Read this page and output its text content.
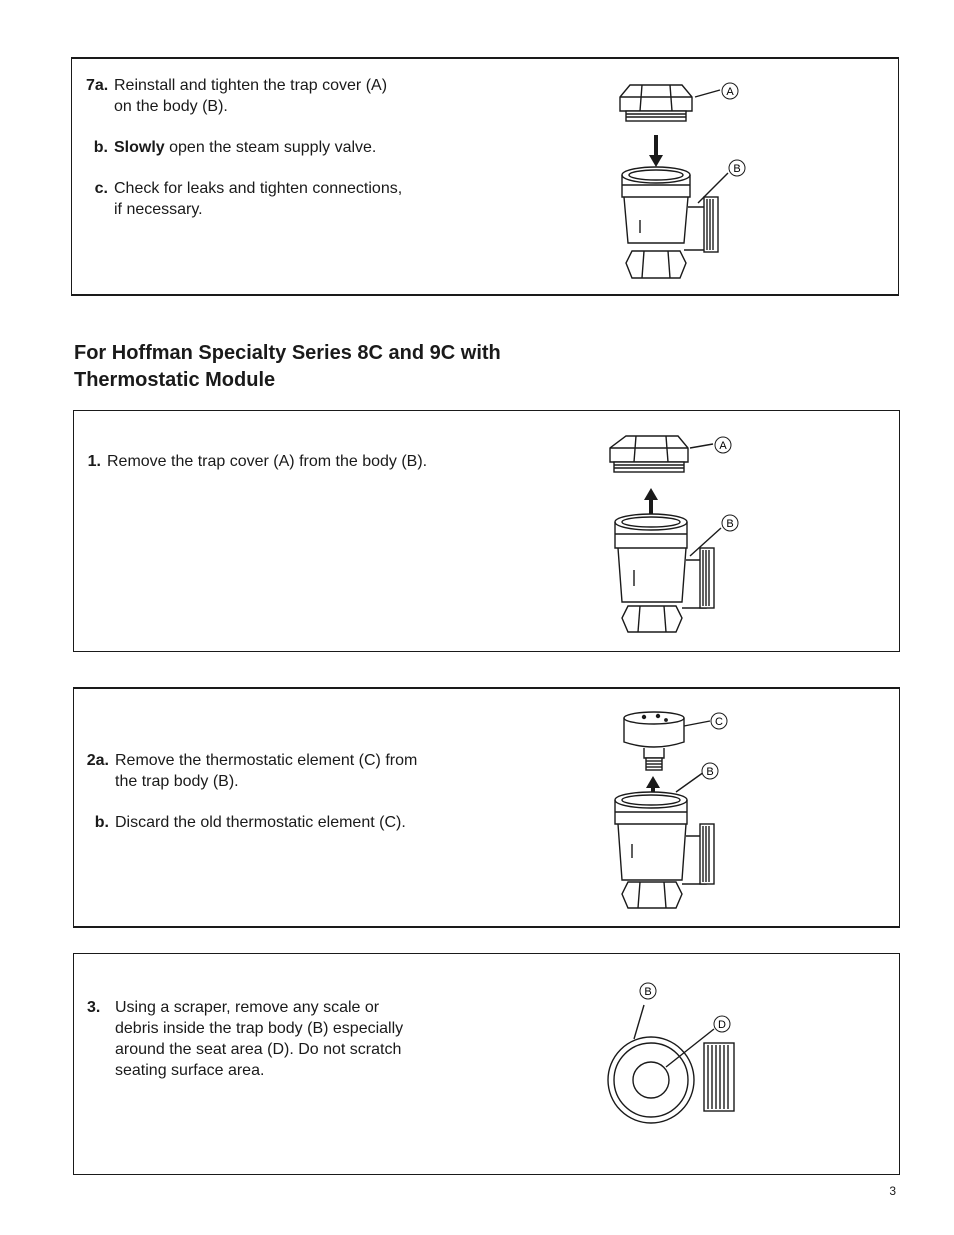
7a. Reinstall and tighten the trap cover (A)
on the body (B).
b. Slowly open the steam supply valve.
c. Check for leaks and tighten connections,
if necessary.
A
B
For Hoffman Specialty Series 8C and 9C with
Thermostatic Module
1. Remove the trap cover (A) from the body (B).
A
B
2a. Remove the thermostatic element (C) from
the trap body (B).
b. Discard the old thermostatic element (C).
C
B
3. Using a scraper, remove any scale or
debris inside the trap body (B) especially
around the seat area (D). Do not scratch
seating surface area.
B
D
3
